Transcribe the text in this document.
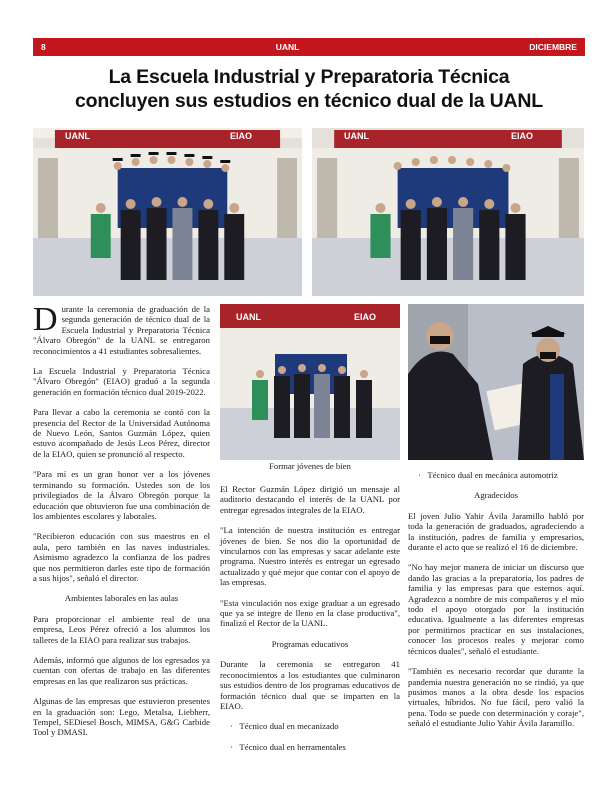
8	UANL	DICIEMBRE
La Escuela Industrial y Preparatoria Técnica
concluyen sus estudios en técnico dual de la UANL
UANL	EIAO	UANL	EIAO
UANL	EIAO
Formar jóvenes de bien

Durante la ceremonia de graduación de la segunda generación de técnico dual de la Escuela Industrial y Preparatoria Técnica "Álvaro Obregón" de la UANL se entregaron reconocimientos a 41 estudiantes sobresalientes.

La Escuela Industrial y Preparatoria Técnica "Álvaro Obregón" (EIAO) graduó a la segunda generación en formación técnico dual 2019-2022.

Para llevar a cabo la ceremonia se contó con la presencia del Rector de la Universidad Autónoma de Nuevo León, Santos Guzmán López, quien estuvo acompañado de Jesús Leos Pérez, director de la EIAO, quien se pronunció al respecto.

"Para mí es un gran honor ver a los jóvenes terminando su formación. Ustedes son de los privilegiados de la Álvaro Obregón porque la educación que obtuvieron fue una combinación de los ambientes escolares y laborales.

"Recibieron educación con sus maestros en el aula, pero también en las naves industriales. Asimismo agradezco la confianza de los padres que nos permitieron darles este tipo de formación a sus hijos", señaló el director.

Ambientes laborales en las aulas

Para proporcionar el ambiente real de una empresa, Leos Pérez ofreció a los alumnos los talleres de la EIAO para realizar sus trabajos.

Además, informó que algunos de los egresados ya cuentan con ofertas de trabajo en las diferentes empresas en las que realizaron sus prácticas.

Algunas de las empresas que estuvieron presentes en la graduación son: Lego, Metalsa, Liebherr, Tempel, SEDiesel Bosch, MIMSA, G&G Carbide Tool y DMASI.

El Rector Guzmán López dirigió un mensaje al auditorio destacando el interés de la UANL por entregar egresados integrales de la EIAO.

"La intención de nuestra institución es entregar jóvenes de bien. Se nos dio la oportunidad de vincularnos con las empresas y sacar adelante este programa. Nuestro interés es entregar un egresado actualizado y qué mejor que contar con el apoyo de las empresas.

"Esta vinculación nos exige graduar a un egresado que ya se integre de lleno en la clase productiva", finalizó el Rector de la UANL.

Programas educativos

Durante la ceremonia se entregaron 41 reconocimientos a los estudiantes que culminaron sus estudios dentro de los programas educativos de formación técnico dual que se imparten en la EIAO.

·   Técnico dual en mecanizado

·   Técnico dual en herramentales

·   Técnico dual en mecánica automotriz

Agradecidos

El joven Julio Yahir Ávila Jaramillo habló por toda la generación de graduados, agradeciendo a la institución, padres de familia y empresarios, durante el acto que se realizó el 16 de diciembre.

"No hay mejor manera de iniciar un discurso que dando las gracias a la preparatoria, los padres de familia y las empresas para que estemos aquí. Agradezco a nombre de mis compañeros y el mío todo el apoyo otorgado por la institución educativa. Igualmente a las diferentes empresas por permitirnos practicar en sus instalaciones, conocer los procesos reales y mejorar como técnicos duales", señaló el estudiante.

"También es necesario recordar que durante la pandemia nuestra generación no se rindió, ya que pusimos manos a la obra desde los espacios virtuales, híbridos. No fue fácil, pero valió la pena. Todo se puede con determinación y coraje", señaló el estudiante Julio Yahir Ávila Jaramillo.
